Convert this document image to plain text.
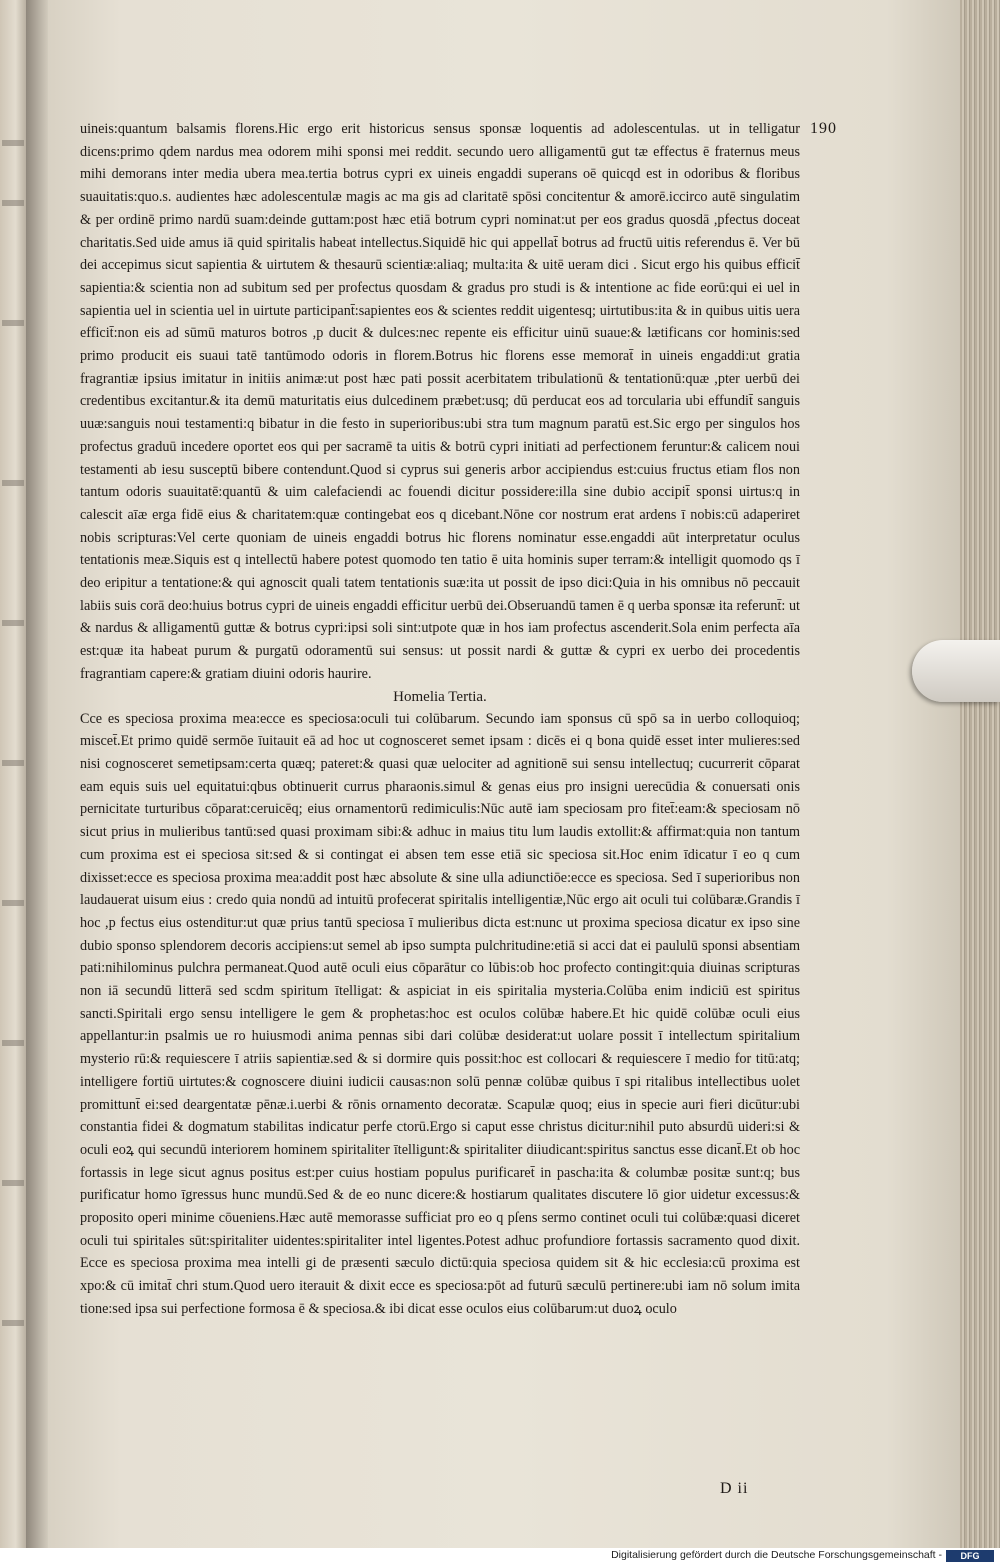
190

uineis:quantum balsamis florens.Hic ergo erit historicus sensus sponsæ loquentis ad adolescentulas. ut in telligatur dicens:primo qdem nardus mea odorem mihi sponsi mei reddit. secundo uero alligamentū gut tæ effectus ē fraternus meus mihi demorans inter media ubera mea.tertia botrus cypri ex uineis engaddi superans oē quicqd est in odoribus & floribus suauitatis:quo.s. audientes hæc adolescentulæ magis ac ma gis ad claritatē spōsi concitentur & amorē.iccirco autē singulatim & per ordinē primo nardū suam:deinde guttam:post hæc etiā botrum cypri nominat:ut per eos gradus quosdā ,pfectus doceat charitatis.Sed uide amus iā quid spiritalis habeat intellectus.Siquidē hic qui appellat̄ botrus ad fructū uitis referendus ē. Ver bū dei accepimus sicut sapientia & uirtutem & thesaurū scientiæ:aliaq; multa:ita & uitē ueram dici . Sicut ergo his quibus efficit̄ sapientia:& scientia non ad subitum sed per profectus quosdam & gradus pro studi is & intentione ac fide eorū:qui ei uel in sapientia uel in scientia uel in uirtute participant̄:sapientes eos & scientes reddit uigentesq; uirtutibus:ita & in quibus uitis uera efficit̄:non eis ad sūmū maturos botros ,p ducit & dulces:nec repente eis efficitur uinū suaue:& lætificans cor hominis:sed primo producit eis suaui tatē tantūmodo odoris in florem.Botrus hic florens esse memorat̄ in uineis engaddi:ut gratia fragrantiæ ipsius imitatur in initiis animæ:ut post hæc pati possit acerbitatem tribulationū & tentationū:quæ ,pter uerbū dei credentibus excitantur.& ita demū maturitatis eius dulcedinem præbet:usq; dū perducat eos ad torcularia ubi effundit̄ sanguis uuæ:sanguis noui testamenti:q bibatur in die festo in superioribus:ubi stra tum magnum paratū est.Sic ergo per singulos hos profectus graduū incedere oportet eos qui per sacramē ta uitis & botrū cypri initiati ad perfectionem feruntur:& calicem noui testamenti ab iesu susceptū bibere contendunt.Quod si cyprus sui generis arbor accipiendus est:cuius fructus etiam flos non tantum odoris suauitatē:quantū & uim calefaciendi ac fouendi dicitur possidere:illa sine dubio accipit̄ sponsi uirtus:q in calescit aīæ erga fidē eius & charitatem:quæ contingebat eos q dicebant.Nōne cor nostrum erat ardens ī nobis:cū adaperiret nobis scripturas:Vel certe quoniam de uineis engaddi botrus hic florens nominatur esse.engaddi aūt interpretatur oculus tentationis meæ.Siquis est q intellectū habere potest quomodo ten tatio ē uita hominis super terram:& intelligit quomodo qs ī deo eripitur a tentatione:& qui agnoscit quali tatem tentationis suæ:ita ut possit de ipso dici:Quia in his omnibus nō peccauit labiis suis corā deo:huius botrus cypri de uineis engaddi efficitur uerbū dei.Obseruandū tamen ē q uerba sponsæ ita referunt̄: ut & nardus & alligamentū guttæ & botrus cypri:ipsi soli sint:utpote quæ in hos iam profectus ascenderit.Sola enim perfecta aīa est:quæ ita habeat purum & purgatū odoramentū sui sensus: ut possit nardi & guttæ & cypri ex uerbo dei procedentis fragrantiam capere:& gratiam diuini odoris haurire.

Homelia Tertia.

Cce es speciosa proxima mea:ecce es speciosa:oculi tui colūbarum. Secundo iam sponsus cū spō sa in uerbo colloquioq; miscet̄.Et primo quidē sermōe īuitauit eā ad hoc ut cognosceret semet ipsam : dicēs ei q bona quidē esset inter mulieres:sed nisi cognosceret semetipsam:certa quæq; pateret:& quasi quæ uelociter ad agnitionē sui sensu intellectuq; cucurrerit cōparat eam equis suis uel equitatui:qbus obtinuerit currus pharaonis.simul & genas eius pro insigni uerecūdia & conuersati onis pernicitate turturibus cōparat:ceruicēq; eius ornamentorū redimiculis:Nūc autē iam speciosam pro fitet̄:eam:& speciosam nō sicut prius in mulieribus tantū:sed quasi proximam sibi:& adhuc in maius titu lum laudis extollit:& affirmat:quia non tantum cum proxima est ei speciosa sit:sed & si contingat ei absen tem esse etiā sic speciosa sit.Hoc enim īdicatur ī eo q cum dixisset:ecce es speciosa proxima mea:addit post hæc absolute & sine ulla adiunctiōe:ecce es speciosa. Sed ī superioribus non laudauerat uisum eius : credo quia nondū ad intuitū profecerat spiritalis intelligentiæ,Nūc ergo ait oculi tui colūbaræ.Grandis ī hoc ,p fectus eius ostenditur:ut quæ prius tantū speciosa ī mulieribus dicta est:nunc ut proxima speciosa dicatur ex ipso sine dubio sponso splendorem decoris accipiens:ut semel ab ipso sumpta pulchritudine:etiā si acci dat ei paululū sponsi absentiam pati:nihilominus pulchra permaneat.Quod autē oculi eius cōparātur co lūbis:ob hoc profecto contingit:quia diuinas scripturas non iā secundū litterā sed scdm spiritum ītelligat: & aspiciat in eis spiritalia mysteria.Colūba enim indiciū est spiritus sancti.Spiritali ergo sensu intelligere le gem & prophetas:hoc est oculos colūbæ habere.Et hic quidē colūbæ oculi eius appellantur:in psalmis ue ro huiusmodi anima pennas sibi dari colūbæ desiderat:ut uolare possit ī intellectum spiritalium mysterio rū:& requiescere ī atriis sapientiæ.sed & si dormire quis possit:hoc est collocari & requiescere ī medio for titū:atq; intelligere fortiū uirtutes:& cognoscere diuini iudicii causas:non solū pennæ colūbæ quibus ī spi ritalibus intellectibus uolet promittunt̄ ei:sed deargentatæ pēnæ.i.uerbi & rōnis ornamento decoratæ. Scapulæ quoq; eius in specie auri fieri dicūtur:ubi constantia fidei & dogmatum stabilitas indicatur perfe ctorū.Ergo si caput esse christus dicitur:nihil puto absurdū uideri:si & oculi eoꝝ qui secundū interiorem hominem spiritaliter ītelligunt:& spiritaliter diiudicant:spiritus sanctus esse dicant̄.Et ob hoc fortassis in lege sicut agnus positus est:per cuius hostiam populus purificaret̄ in pascha:ita & columbæ positæ sunt:q; bus purificatur homo īgressus hunc mundū.Sed & de eo nunc dicere:& hostiarum qualitates discutere lō gior uidetur excessus:& proposito operi minime cōueniens.Hæc autē memorasse sufficiat pro eo q pſens sermo continet oculi tui colūbæ:quasi diceret oculi tui spiritales sūt:spiritaliter uidentes:spiritaliter intel ligentes.Potest adhuc profundiore fortassis sacramento quod dixit. Ecce es speciosa proxima mea intelli gi de præsenti sæculo dictū:quia speciosa quidem sit & hic ecclesia:cū proxima est xpo:& cū imitat̄ chri stum.Quod uero iterauit & dixit ecce es speciosa:pōt ad futurū sæculū pertinere:ubi iam nō solum imita tione:sed ipsa sui perfectione formosa ē & speciosa.& ibi dicat esse oculos eius colūbarum:ut duoꝝ oculo

D ii
Digitalisierung gefördert durch die Deutsche Forschungsgemeinschaft -	DFG
